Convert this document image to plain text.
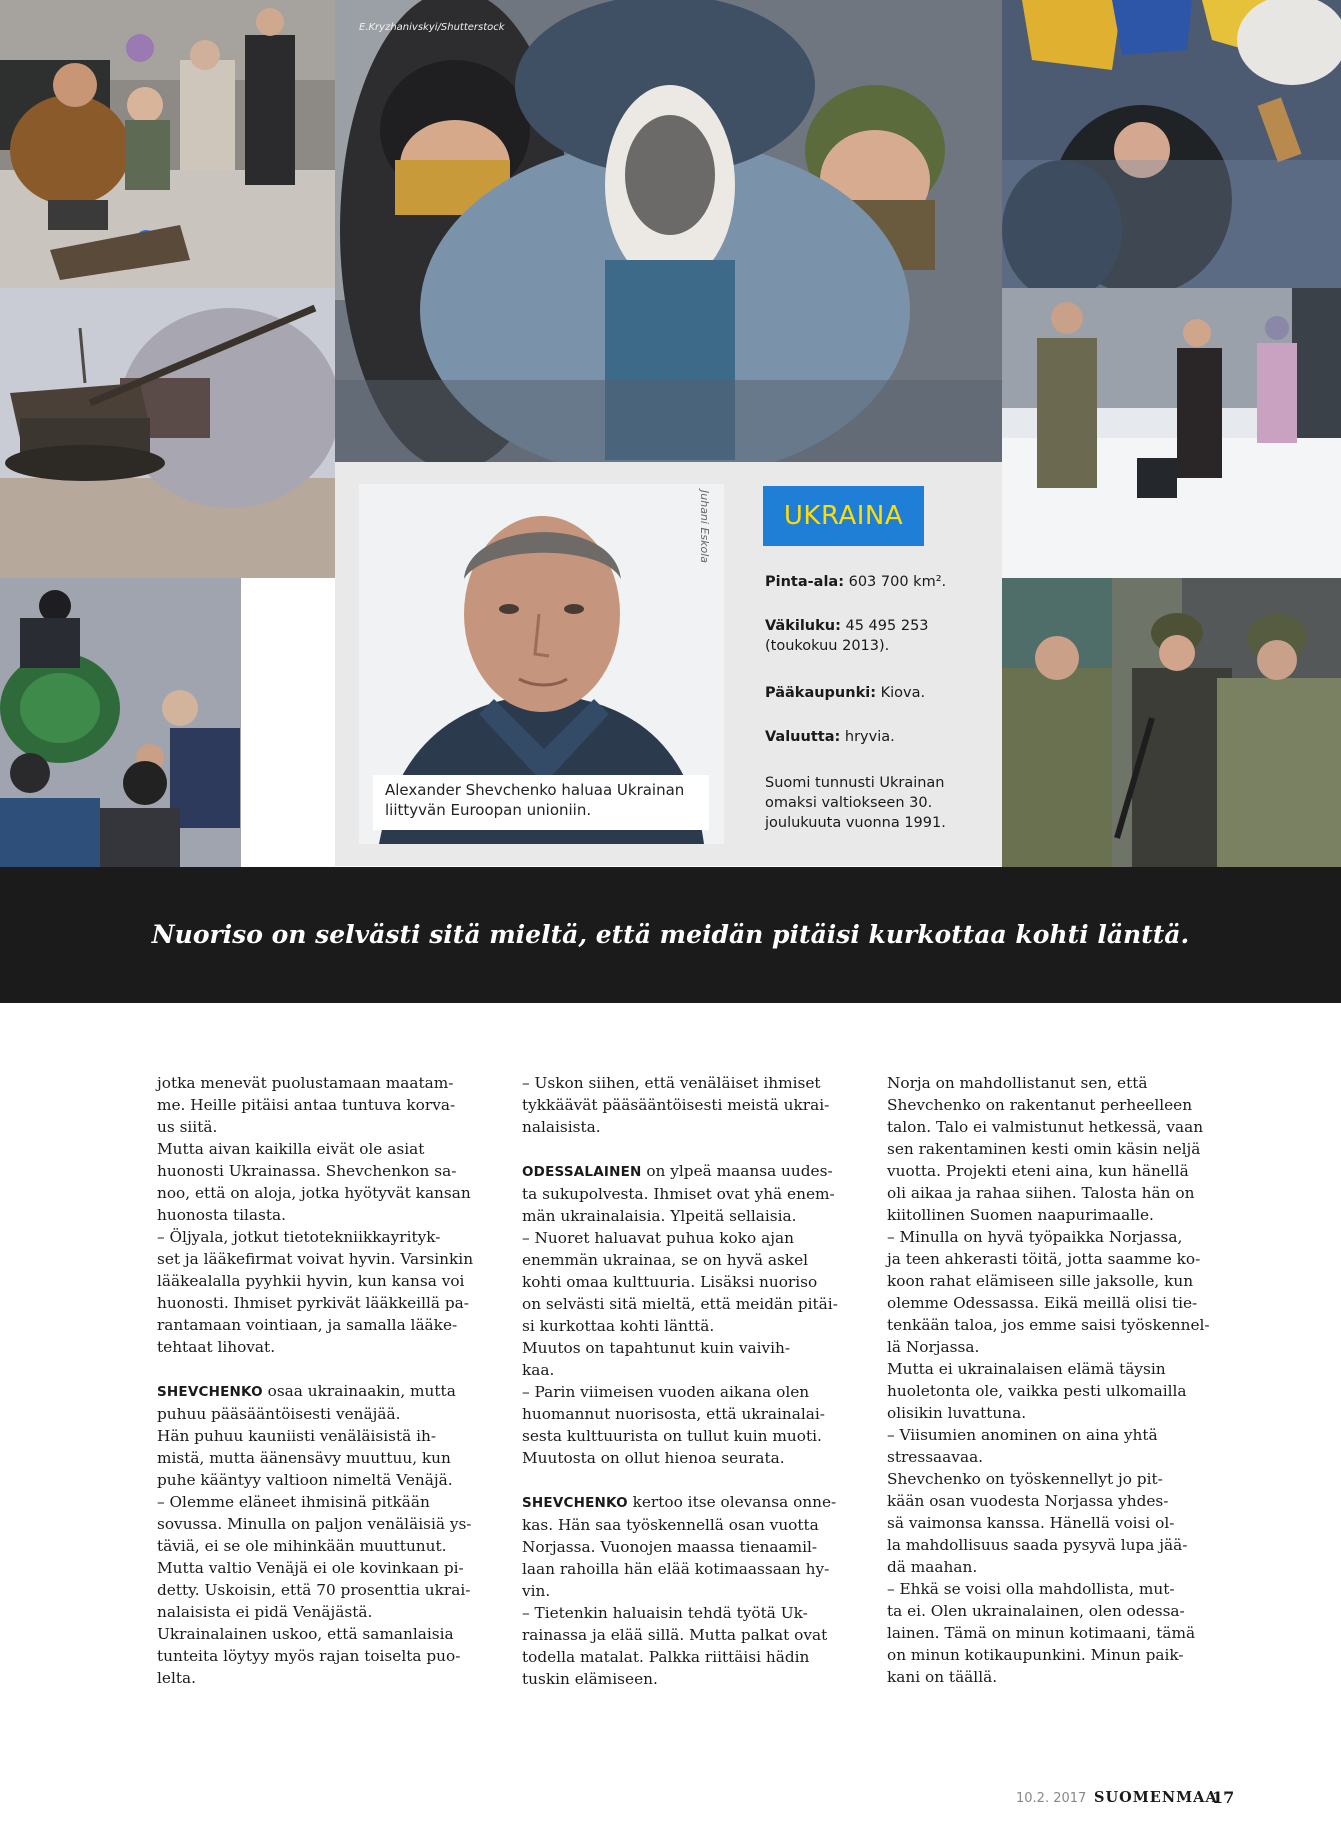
E.Kryzhanivskyi/Shutterstock
Juhani Eskola
Alexander Shevchenko haluaa Ukrainan liittyvän Euroopan unioniin.
UKRAINA
Pinta-ala: 603 700 km².
Väkiluku: 45 495 253 (toukokuu 2013).
Pääkaupunki: Kiova.
Valuutta: hryvia.
Suomi tunnusti Ukrainan omaksi valtiokseen 30. joulukuuta vuonna 1991.
Nuoriso on selvästi sitä mieltä, että meidän pitäisi kurkottaa kohti länttä.

jotka menevät puolustamaan maatam-
me. Heille pitäisi antaa tuntuva korva-
us siitä.
Mutta aivan kaikilla eivät ole asiat
huonosti Ukrainassa. Shevchenkon sa-
noo, että on aloja, jotka hyötyvät kansan
huonosta tilasta.
– Öljyala, jotkut tietotekniikkayrityk-
set ja lääkefirmat voivat hyvin. Varsinkin
lääkealalla pyyhkii hyvin, kun kansa voi
huonosti. Ihmiset pyrkivät lääkkeillä pa-
rantamaan vointiaan, ja samalla lääke-
tehtaat lihovat.

SHEVCHENKO osaa ukrainaakin, mutta
puhuu pääsääntöisesti venäjää.
Hän puhuu kauniisti venäläisistä ih-
mistä, mutta äänensävy muuttuu, kun
puhe kääntyy valtioon nimeltä Venäjä.
– Olemme eläneet ihmisinä pitkään
sovussa. Minulla on paljon venäläisiä ys-
täviä, ei se ole mihinkään muuttunut.
Mutta valtio Venäjä ei ole kovinkaan pi-
detty. Uskoisin, että 70 prosenttia ukrai-
nalaisista ei pidä Venäjästä.
Ukrainalainen uskoo, että samanlaisia
tunteita löytyy myös rajan toiselta puo-
lelta.

– Uskon siihen, että venäläiset ihmiset
tykkäävät pääsääntöisesti meistä ukrai-
nalaisista.

ODESSALAINEN on ylpeä maansa uudes-
ta sukupolvesta. Ihmiset ovat yhä enem-
män ukrainalaisia. Ylpeitä sellaisia.
– Nuoret haluavat puhua koko ajan
enemmän ukrainaa, se on hyvä askel
kohti omaa kulttuuria. Lisäksi nuoriso
on selvästi sitä mieltä, että meidän pitäi-
si kurkottaa kohti länttä.
Muutos on tapahtunut kuin vaivih-
kaa.
– Parin viimeisen vuoden aikana olen
huomannut nuorisosta, että ukrainalai-
sesta kulttuurista on tullut kuin muoti.
Muutosta on ollut hienoa seurata.

SHEVCHENKO kertoo itse olevansa onne-
kas. Hän saa työskennellä osan vuotta
Norjassa. Vuonojen maassa tienaamil-
laan rahoilla hän elää kotimaassaan hy-
vin.
– Tietenkin haluaisin tehdä työtä Uk-
rainassa ja elää sillä. Mutta palkat ovat
todella matalat. Palkka riittäisi hädin
tuskin elämiseen.

Norja on mahdollistanut sen, että
Shevchenko on rakentanut perheelleen
talon. Talo ei valmistunut hetkessä, vaan
sen rakentaminen kesti omin käsin neljä
vuotta. Projekti eteni aina, kun hänellä
oli aikaa ja rahaa siihen. Talosta hän on
kiitollinen Suomen naapurimaalle.
– Minulla on hyvä työpaikka Norjassa,
ja teen ahkerasti töitä, jotta saamme ko-
koon rahat elämiseen sille jaksolle, kun
olemme Odessassa. Eikä meillä olisi tie-
tenkään taloa, jos emme saisi työskennel-
lä Norjassa.
Mutta ei ukrainalaisen elämä täysin
huoletonta ole, vaikka pesti ulkomailla
olisikin luvattuna.
– Viisumien anominen on aina yhtä
stressaavaa.
Shevchenko on työskennellyt jo pit-
kään osan vuodesta Norjassa yhdes-
sä vaimonsa kanssa. Hänellä voisi ol-
la mahdollisuus saada pysyvä lupa jää-
dä maahan.
– Ehkä se voisi olla mahdollista, mut-
ta ei. Olen ukrainalainen, olen odessa-
lainen. Tämä on minun kotimaani, tämä
on minun kotikaupunkini. Minun paik-
kani on täällä.

10.2. 2017 SUOMENMAA
17
